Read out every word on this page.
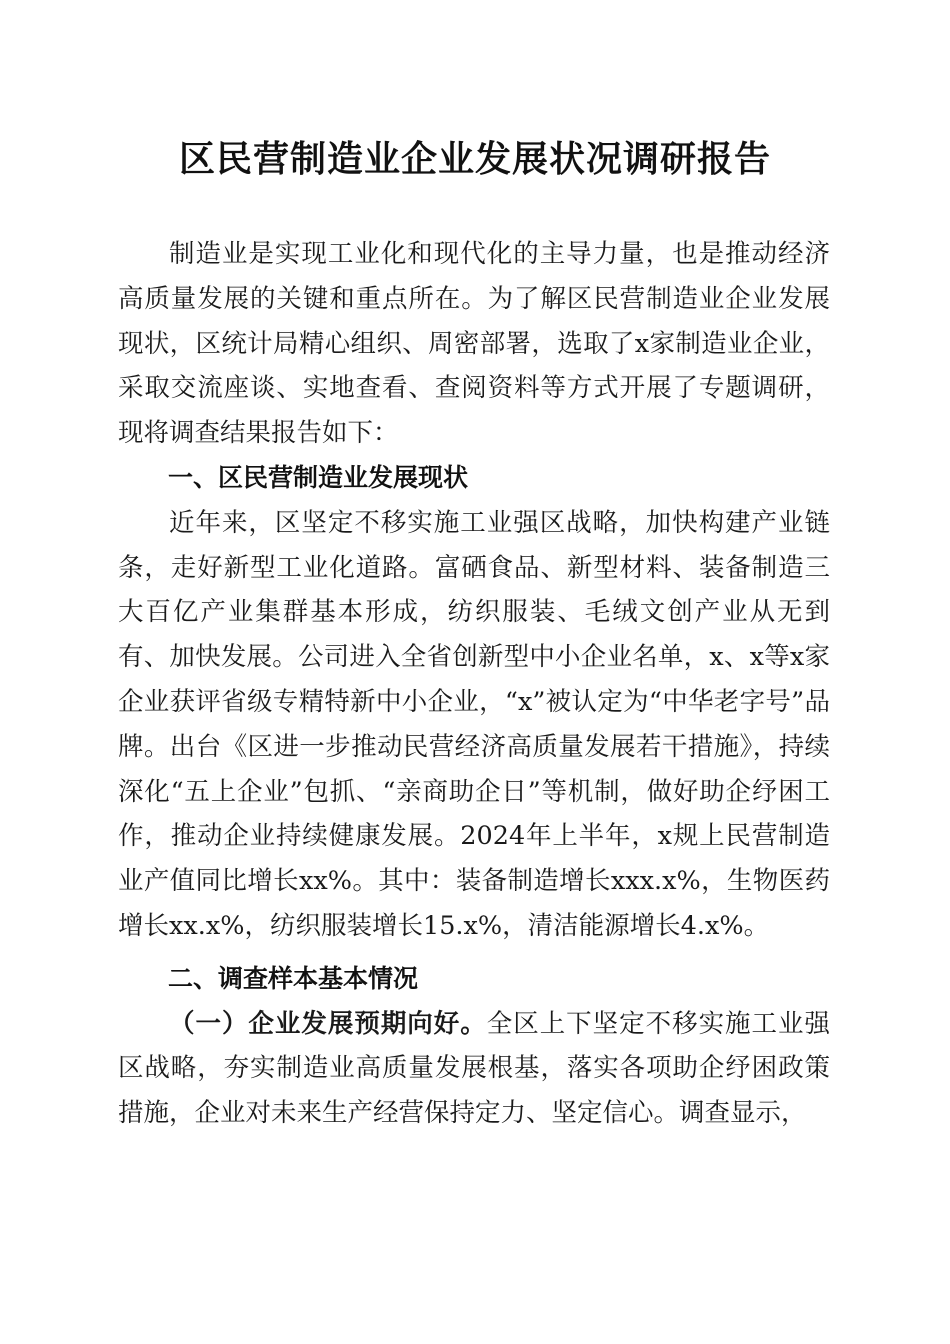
区民营制造业企业发展状况调研报告

制造业是实现工业化和现代化的主导力量，也是推动经济高质量发展的关键和重点所在。为了解区民营制造业企业发展现状，区统计局精心组织、周密部署，选取了x家制造业企业，采取交流座谈、实地查看、查阅资料等方式开展了专题调研，现将调查结果报告如下：

一、区民营制造业发展现状

近年来，区坚定不移实施工业强区战略，加快构建产业链条，走好新型工业化道路。富硒食品、新型材料、装备制造三大百亿产业集群基本形成，纺织服装、毛绒文创产业从无到有、加快发展。公司进入全省创新型中小企业名单，x、x等x家企业获评省级专精特新中小企业，“x”被认定为“中华老字号”品牌。出台《区进一步推动民营经济高质量发展若干措施》，持续深化“五上企业”包抓、“亲商助企日”等机制，做好助企纾困工作，推动企业持续健康发展。2024年上半年，x规上民营制造业产值同比增长xx%。其中：装备制造增长xxx.x%，生物医药增长xx.x%，纺织服装增长15.x%，清洁能源增长4.x%。

二、调查样本基本情况

（一）企业发展预期向好。全区上下坚定不移实施工业强区战略，夯实制造业高质量发展根基，落实各项助企纾困政策措施，企业对未来生产经营保持定力、坚定信心。调查显示，
